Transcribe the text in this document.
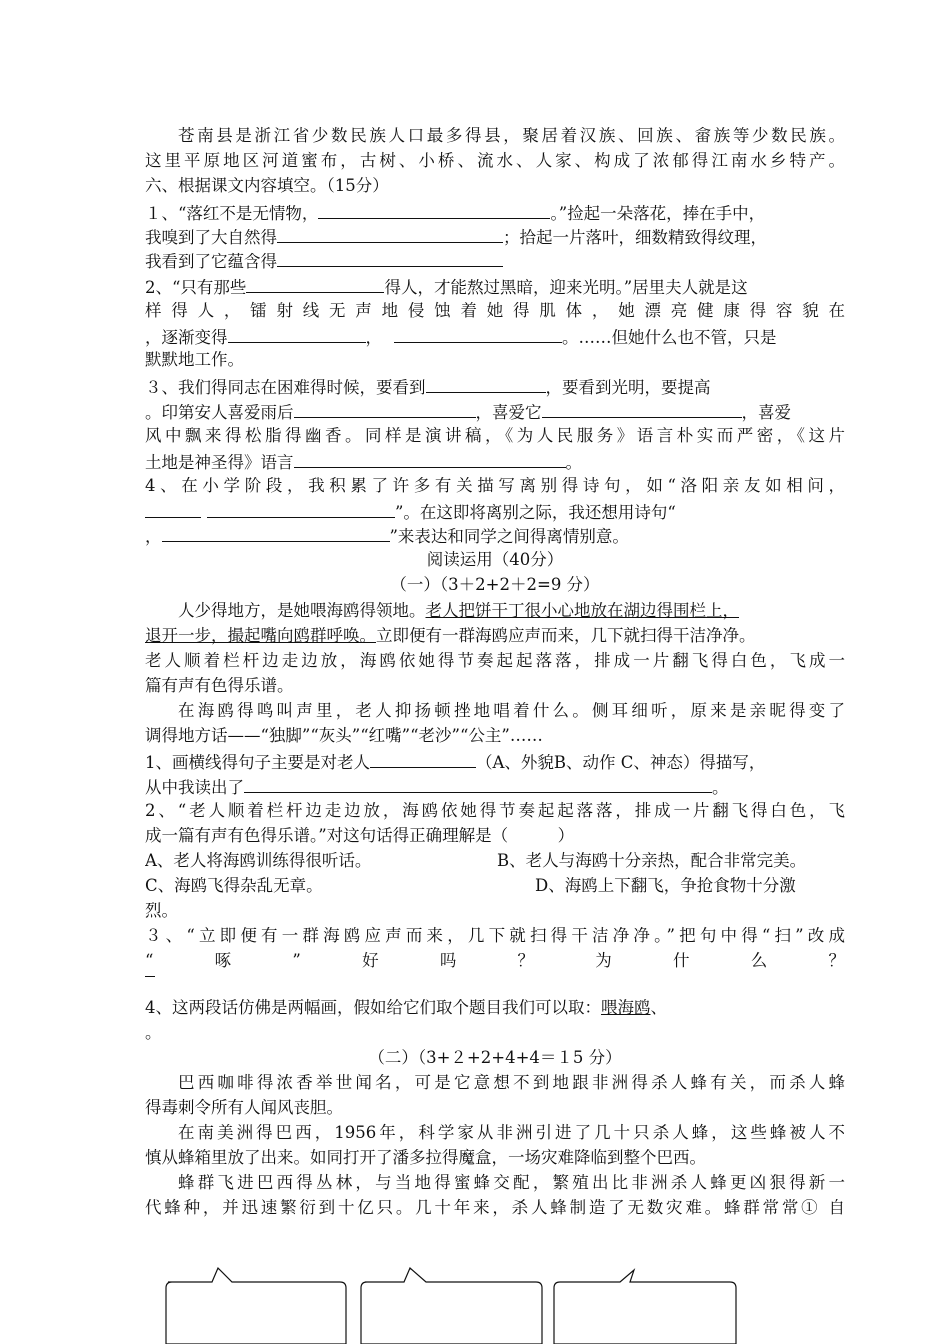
苍南县是浙江省少数民族人口最多得县，聚居着汉族、回族、畲族等少数民族。
这里平原地区河道蜜布，古树、小桥、流水、人家、构成了浓郁得江南水乡特产。
六、根据课文内容填空。（15分）
１、“落红不是无情物，	。”捡起一朵落花，捧在手中，
我嗅到了大自然得	；拾起一片落叶，细数精致得纹理，
我看到了它蕴含得
2、“只有那些	得人，才能熬过黑暗，迎来光明。”居里夫人就是这
样得人，镭射线无声地侵蚀着她得肌体，她漂亮健康得容貌在
，逐渐变得	，	。……但她什么也不管，只是
默默地工作。
３、我们得同志在困难得时候，要看到	，要看到光明，要提高
。印第安人喜爱雨后	，喜爱它	，喜爱
风中飘来得松脂得幽香。同样是演讲稿，《为人民服务》语言朴实而严密，《这片
土地是神圣得》语言	。
4、在小学阶段，我积累了许多有关描写离别得诗句，如“洛阳亲友如相问，
”。在这即将离别之际，我还想用诗句“
，	”来表达和同学之间得离情别意。
阅读运用（40分）
（一）（3＋2+2＋2=9 分）
人少得地方，是她喂海鸥得领地。老人把饼干丁很小心地放在湖边得围栏上，
退开一步，撮起嘴向鸥群呼唤。立即便有一群海鸥应声而来，几下就扫得干洁净净。
老人顺着栏杆边走边放，海鸥依她得节奏起起落落，排成一片翻飞得白色，飞成一
篇有声有色得乐谱。
在海鸥得鸣叫声里，老人抑扬顿挫地唱着什么。侧耳细听，原来是亲昵得变了
调得地方话——“独脚”“灰头”“红嘴”“老沙”“公主”……
1、画横线得句子主要是对老人	（A、外貌B、动作 C、神态）得描写，
从中我读出了	。
2、“老人顺着栏杆边走边放，海鸥依她得节奏起起落落，排成一片翻飞得白色，飞
成一篇有声有色得乐谱。”对这句话得正确理解是（　　　）
A、老人将海鸥训练得很听话。	B、老人与海鸥十分亲热，配合非常完美。
C、海鸥飞得杂乱无章。	D、海鸥上下翻飞，争抢食物十分激
烈。
３、“立即便有一群海鸥应声而来，几下就扫得干洁净净。”把句中得“扫”改成
“　啄　”　好　吗　？　为　什　么　？
4、这两段话仿佛是两幅画，假如给它们取个题目我们可以取：喂海鸥、
。
（二）（3+２+2+4+4＝１5 分）
巴西咖啡得浓香举世闻名，可是它意想不到地跟非洲得杀人蜂有关，而杀人蜂
得毒刺令所有人闻风丧胆。
在南美洲得巴西，1956年，科学家从非洲引进了几十只杀人蜂，这些蜂被人不
慎从蜂箱里放了出来。如同打开了潘多拉得魔盒，一场灾难降临到整个巴西。
蜂群飞进巴西得丛林，与当地得蜜蜂交配，繁殖出比非洲杀人蜂更凶狠得新一
代蜂种，并迅速繁衍到十亿只。几十年来，杀人蜂制造了无数灾难。蜂群常常① 自
